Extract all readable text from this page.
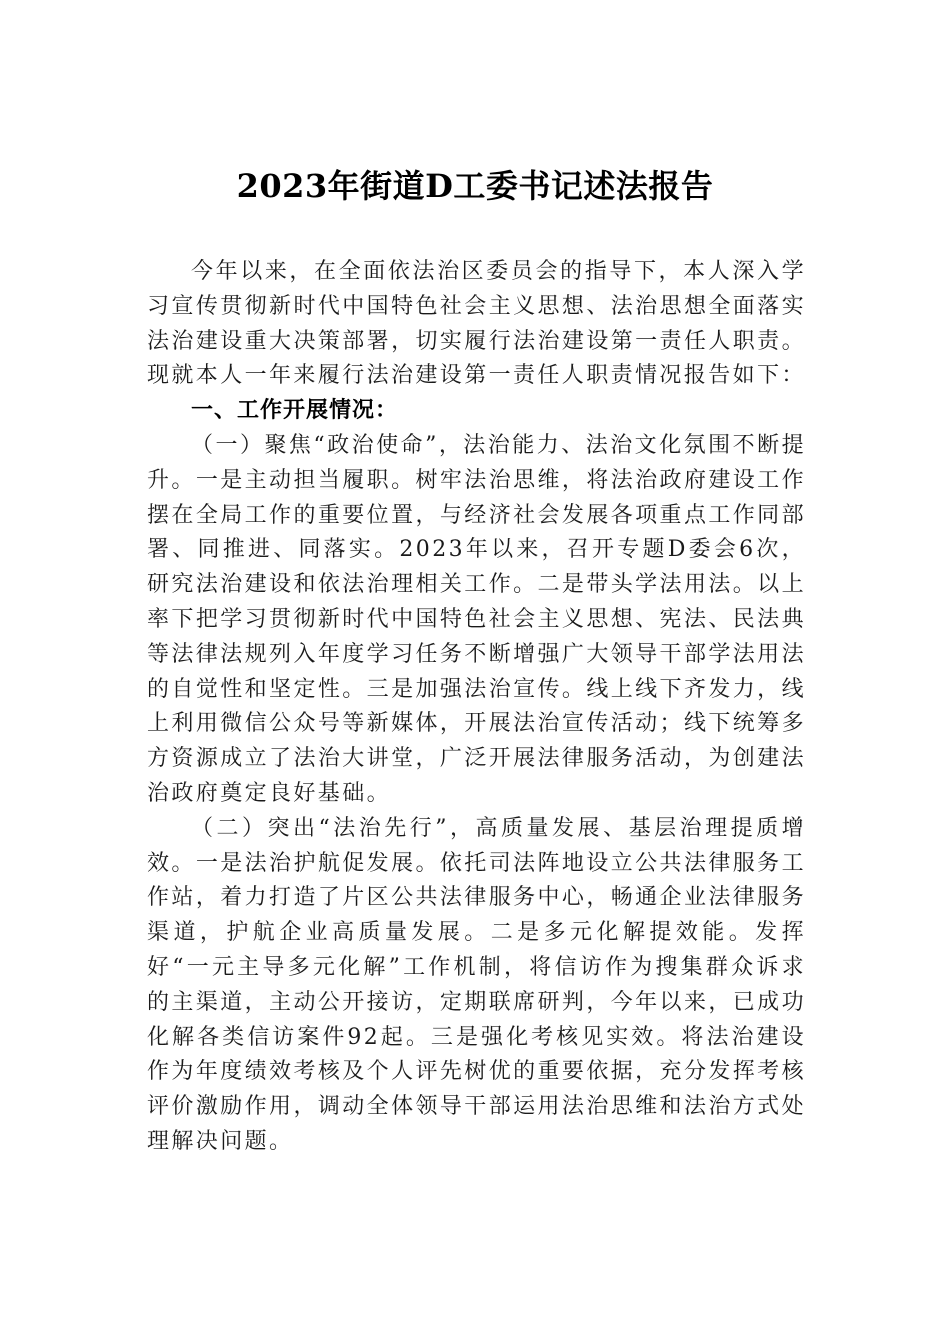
2023年街道D工委书记述法报告

今年以来，在全面依法治区委员会的指导下，本人深入学习宣传贯彻新时代中国特色社会主义思想、法治思想全面落实法治建设重大决策部署，切实履行法治建设第一责任人职责。现就本人一年来履行法治建设第一责任人职责情况报告如下：

一、工作开展情况：

（一）聚焦“政治使命”，法治能力、法治文化氛围不断提升。一是主动担当履职。树牢法治思维，将法治政府建设工作摆在全局工作的重要位置，与经济社会发展各项重点工作同部署、同推进、同落实。2023年以来，召开专题D委会6次，研究法治建设和依法治理相关工作。二是带头学法用法。以上率下把学习贯彻新时代中国特色社会主义思想、宪法、民法典等法律法规列入年度学习任务不断增强广大领导干部学法用法的自觉性和坚定性。三是加强法治宣传。线上线下齐发力，线上利用微信公众号等新媒体，开展法治宣传活动；线下统筹多方资源成立了法治大讲堂，广泛开展法律服务活动，为创建法治政府奠定良好基础。

（二）突出“法治先行”，高质量发展、基层治理提质增效。一是法治护航促发展。依托司法阵地设立公共法律服务工作站，着力打造了片区公共法律服务中心，畅通企业法律服务渠道，护航企业高质量发展。二是多元化解提效能。发挥好“一元主导多元化解”工作机制，将信访作为搜集群众诉求的主渠道，主动公开接访，定期联席研判，今年以来，已成功化解各类信访案件92起。三是强化考核见实效。将法治建设作为年度绩效考核及个人评先树优的重要依据，充分发挥考核评价激励作用，调动全体领导干部运用法治思维和法治方式处理解决问题。
